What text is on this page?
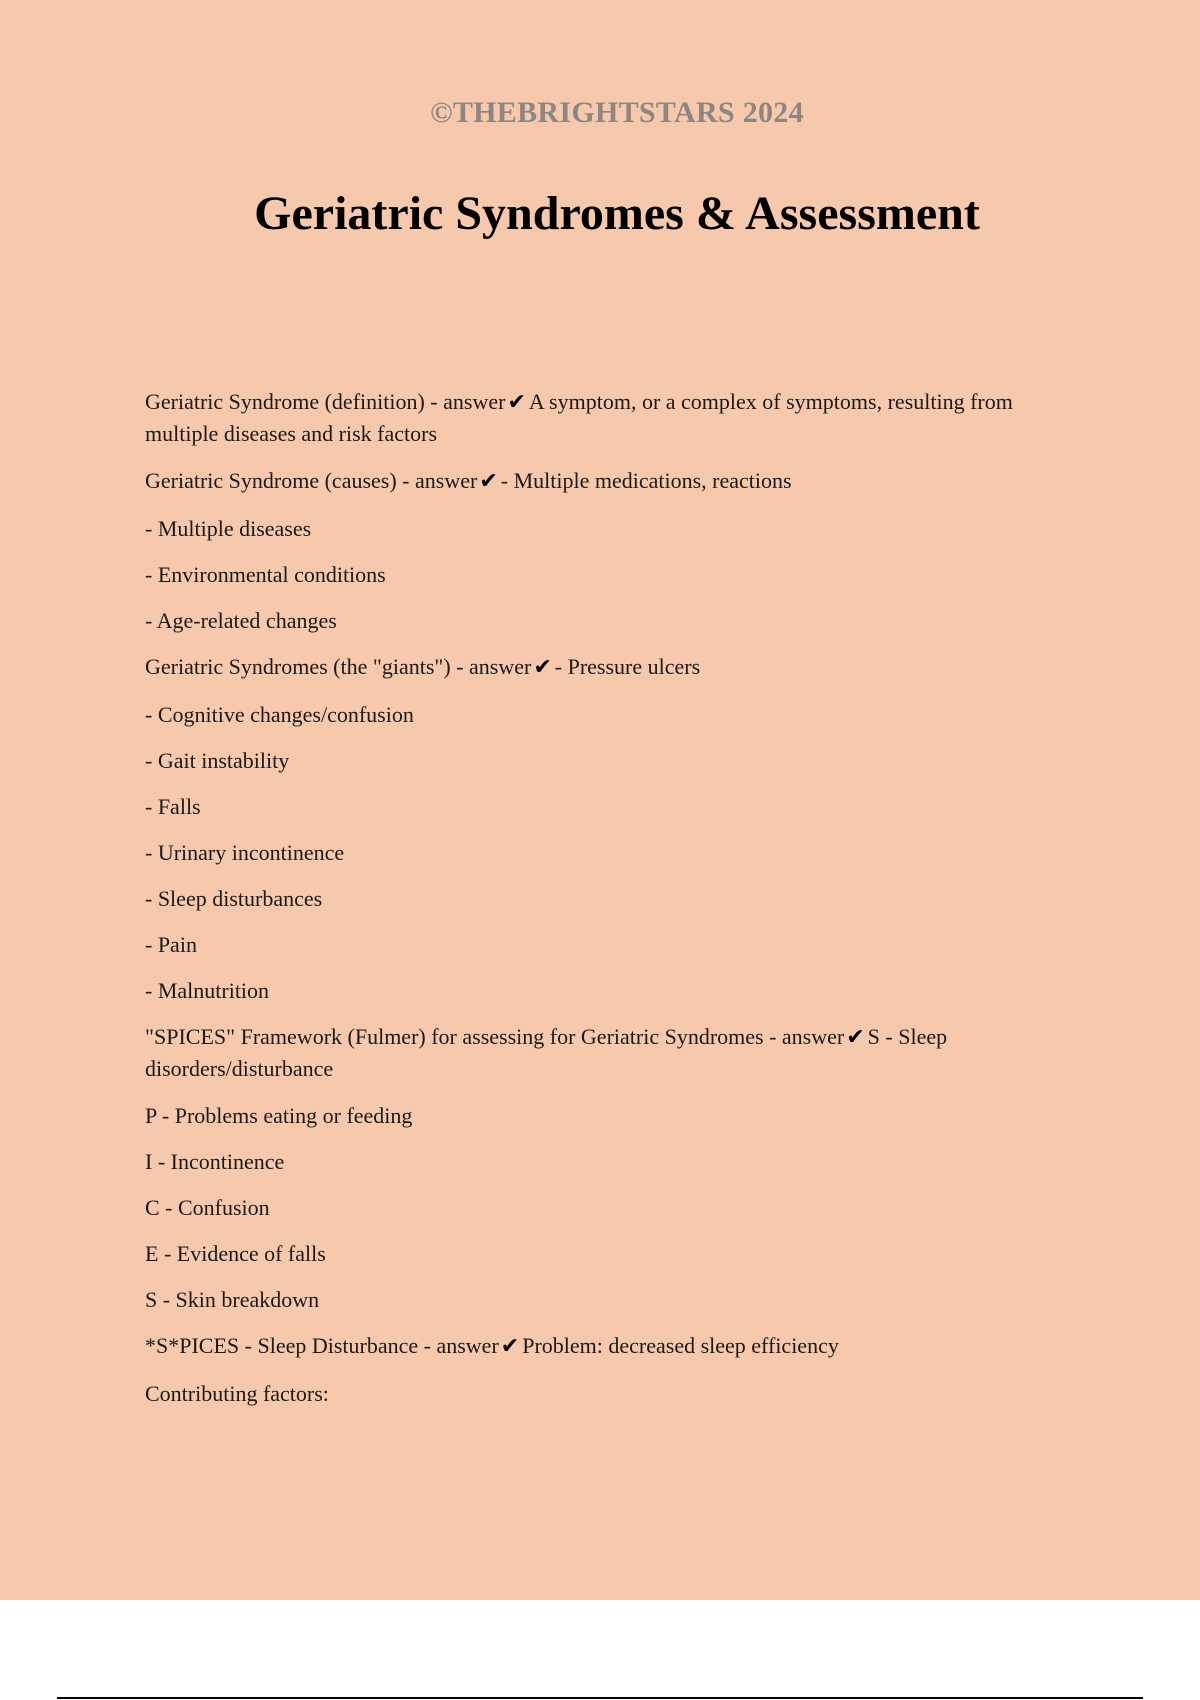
©THEBRIGHTSTARS 2024
Geriatric Syndromes & Assessment

Geriatric Syndrome (definition) - answer✔ A symptom, or a complex of symptoms, resulting from multiple diseases and risk factors

Geriatric Syndrome (causes) - answer✔ - Multiple medications, reactions

- Multiple diseases

- Environmental conditions

- Age-related changes

Geriatric Syndromes (the "giants") - answer✔ - Pressure ulcers

- Cognitive changes/confusion

- Gait instability

- Falls

- Urinary incontinence

- Sleep disturbances

- Pain

- Malnutrition

"SPICES" Framework (Fulmer) for assessing for Geriatric Syndromes - answer✔ S - Sleep disorders/disturbance

P - Problems eating or feeding

I - Incontinence

C - Confusion

E - Evidence of falls

S - Skin breakdown

*S*PICES - Sleep Disturbance - answer✔ Problem: decreased sleep efficiency

Contributing factors:
